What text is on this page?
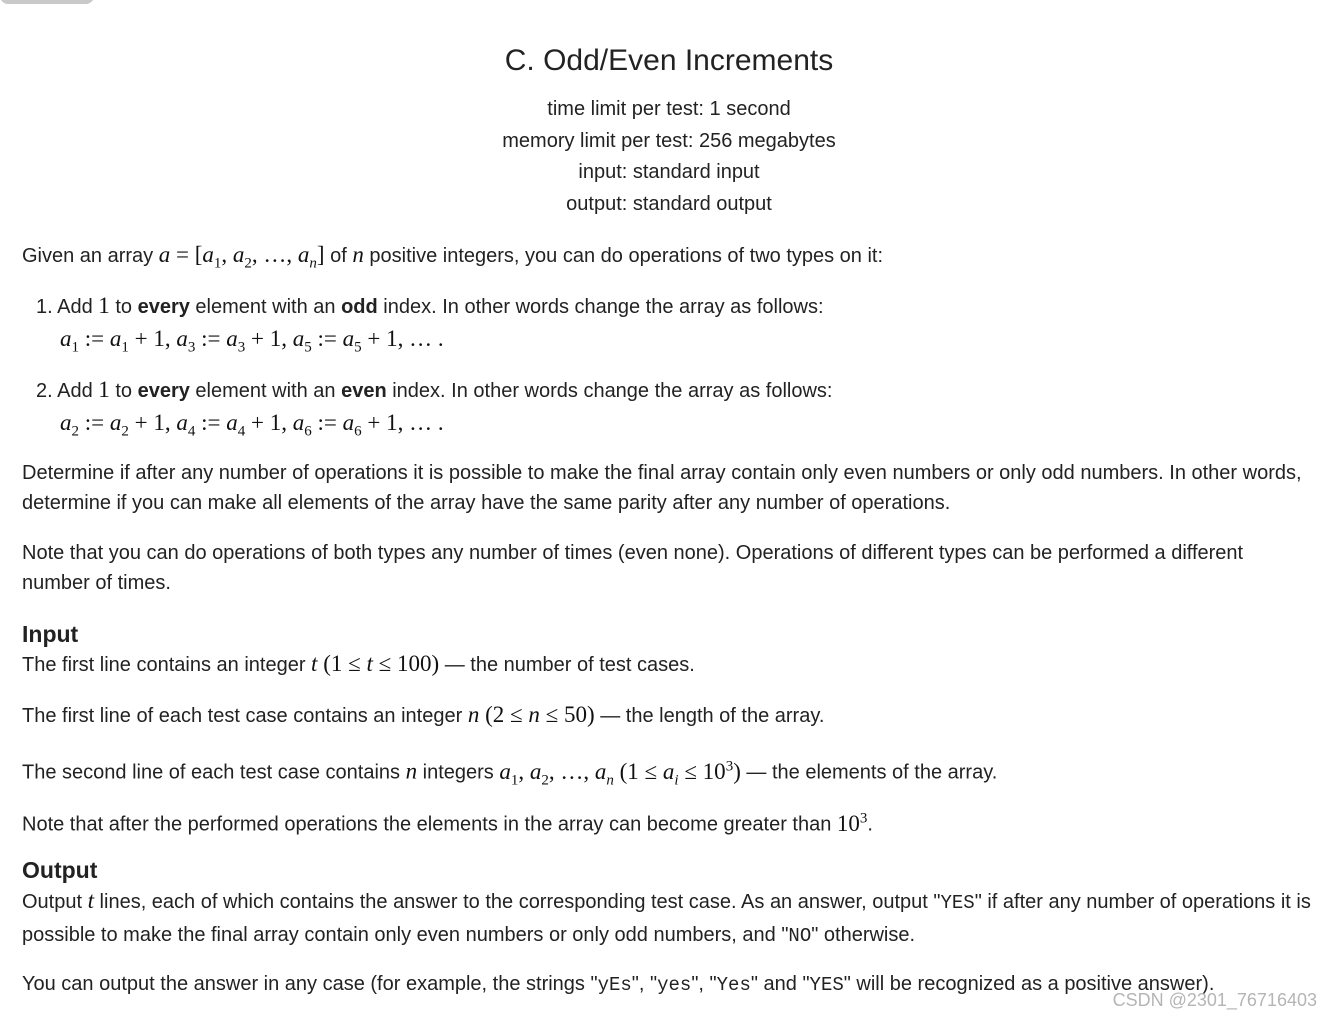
C. Odd/Even Increments
time limit per test: 1 second
memory limit per test: 256 megabytes
input: standard input
output: standard output
Given an array $a = [a_1$, $a_2$, …, $a_n$] of n positive integers, you can do operations of two types on it:
1. Add 1 to every element with an odd index. In other words change the array as follows:
$a_1$ := $a_1 + 1$, $a_3$ := $a_3 + 1$, $a_5$ := $a_5 + 1$, … .
2. Add 1 to every element with an even index. In other words change the array as follows:
$a_2$ := $a_2 + 1$, $a_4$ := $a_4 + 1$, $a_6$ := $a_6 + 1$, … .
Determine if after any number of operations it is possible to make the final array contain only even numbers or only odd numbers. In other words, determine if you can make all elements of the array have the same parity after any number of operations.
Note that you can do operations of both types any number of times (even none). Operations of different types can be performed a different number of times.
Input
The first line contains an integer t (1 ≤ t ≤ 100) — the number of test cases.
The first line of each test case contains an integer n (2 ≤ n ≤ 50) — the length of the array.
The second line of each test case contains n integers $a_1$, $a_2$, …, $a_n$ $(1 \le a_i \le 10^3)$ — the elements of the array.
Note that after the performed operations the elements in the array can become greater than $10^3$.
Output
Output t lines, each of which contains the answer to the corresponding test case. As an answer, output "YES" if after any number of operations it is possible to make the final array contain only even numbers or only odd numbers, and "NO" otherwise.
You can output the answer in any case (for example, the strings "yEs", "yes", "Yes" and "YES" will be recognized as a positive answer).
CSDN @2301_76716403
